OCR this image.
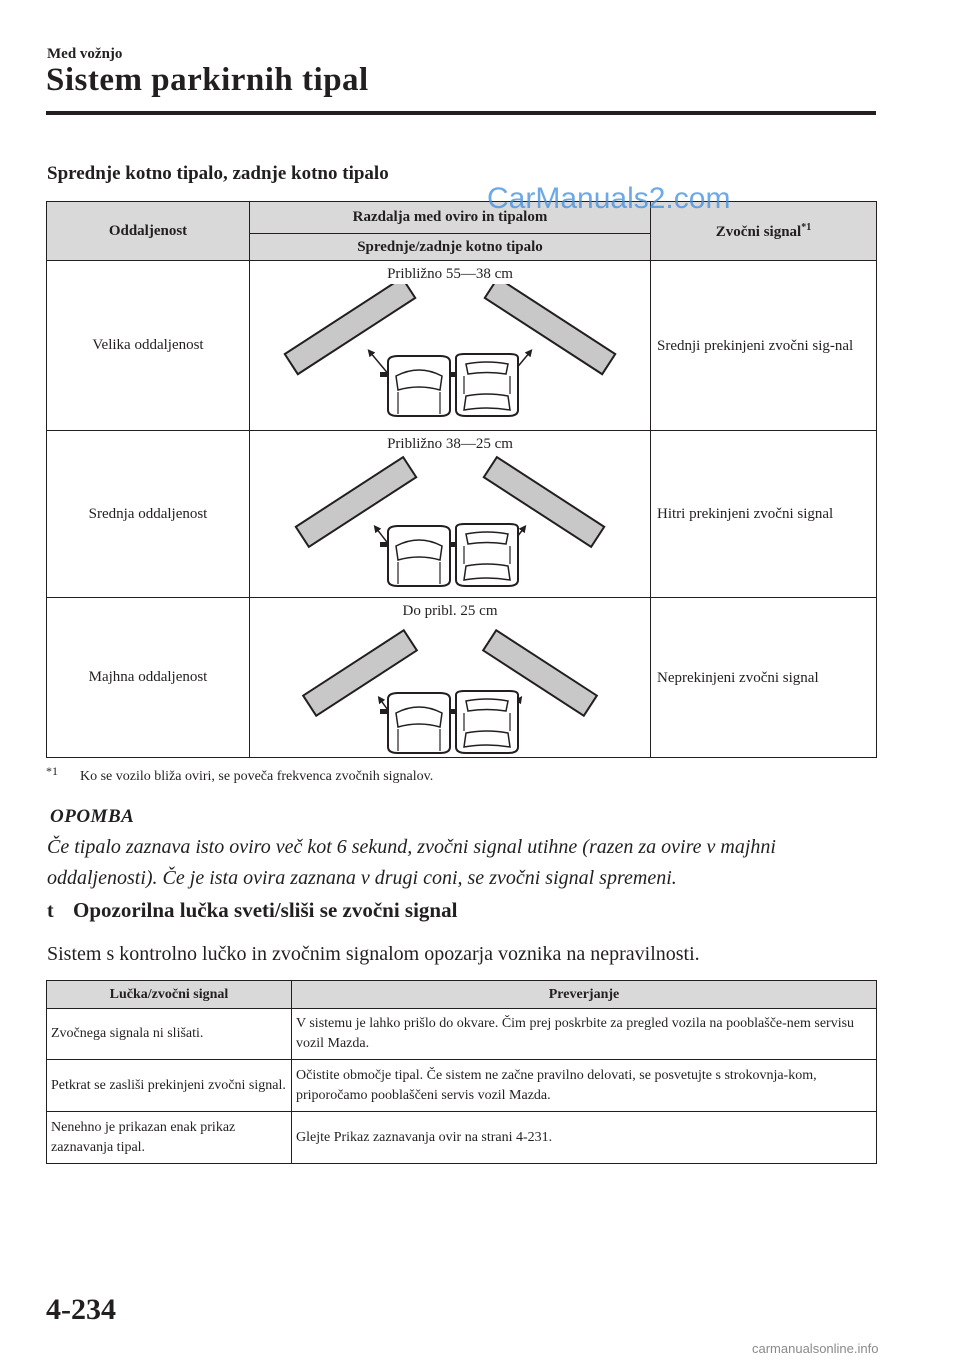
Med vožnjo
Sistem parkirnih tipal
Sprednje kotno tipalo, zadnje kotno tipalo
Oddaljenost	Razdalja med oviro in tipalom	Zvočni signal$^{*1}$
	Sprednje/zadnje kotno tipalo	
Velika oddaljenost	Približno 55—38 cm	Srednji prekinjeni zvočni sig-nal
Srednja oddaljenost	Približno 38—25 cm	Hitri prekinjeni zvočni signal
Majhna oddaljenost	Do pribl. 25 cm	Neprekinjeni zvočni signal
CarManuals2.com
*1 Ko se vozilo bliža oviri, se poveča frekvenca zvočnih signalov.
OPOMBA
Če tipalo zaznava isto oviro več kot 6 sekund, zvočni signal utihne (razen za ovire v majhni oddaljenosti). Če je ista ovira zaznana v drugi coni, se zvočni signal spremeni.
t Opozorilna lučka sveti/sliši se zvočni signal
Sistem s kontrolno lučko in zvočnim signalom opozarja voznika na nepravilnosti.
Lučka/zvočni signal	Preverjanje
Zvočnega signala ni slišati.	V sistemu je lahko prišlo do okvare. Čim prej poskrbite za pregled vozila na pooblašče-nem servisu vozil Mazda.
Petkrat se zasliši prekinjeni zvočni signal.	Očistite območje tipal. Če sistem ne začne pravilno delovati, se posvetujte s strokovnja-kom, priporočamo pooblaščeni servis vozil Mazda.
Nenehno je prikazan enak prikaz zaznavanja tipal.	Glejte Prikaz zaznavanja ovir na strani 4-231.
4-234
carmanualsonline.info
